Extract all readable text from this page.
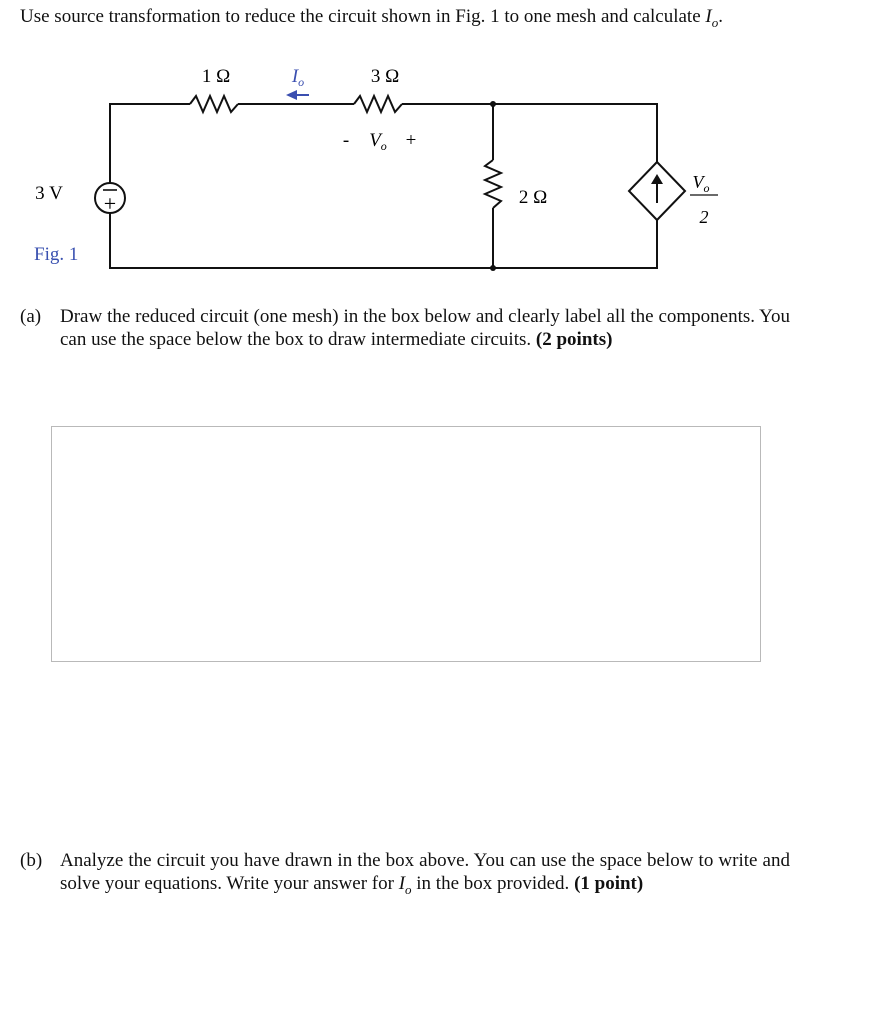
Use source transformation to reduce the circuit shown in Fig. 1 to one mesh and calculate $I_o$.
+
1 Ω	3 Ω
2 Ω
3 V
Fig. 1
$I_o$
- $V_o$ +
$V_o$
2
(a) Draw the reduced circuit (one mesh) in the box below and clearly label all the components. You can use the space below the box to draw intermediate circuits. (2 points)
(b) Analyze the circuit you have drawn in the box above. You can use the space below to write and solve your equations. Write your answer for $I_o$ in the box provided. (1 point)
